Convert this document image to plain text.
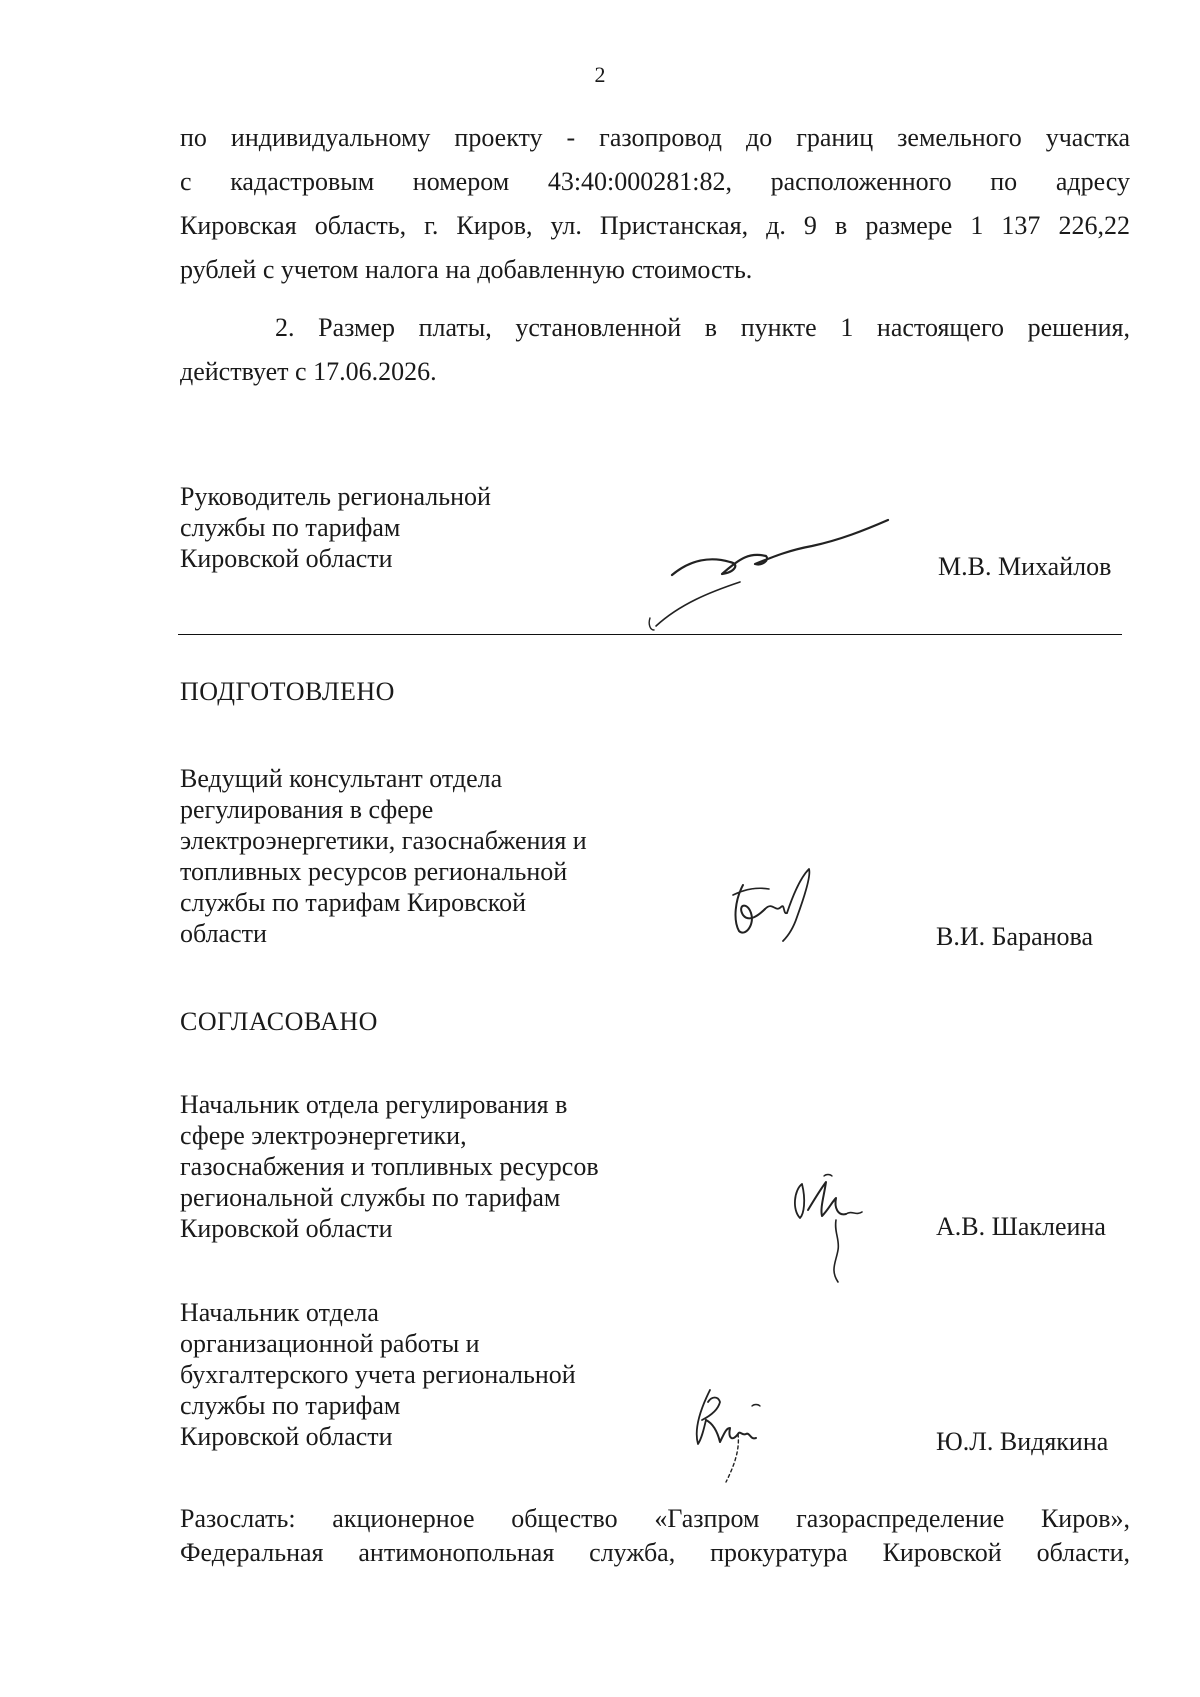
2
по индивидуальному проекту - газопровод до границ земельного участка
с кадастровым номером 43:40:000281:82, расположенного по адресу
Кировская область, г. Киров, ул. Пристанская, д. 9 в размере 1 137 226,22
рублей с учетом налога на добавленную стоимость.
2. Размер платы, установленной в пункте 1 настоящего решения,
действует с 17.06.2026.
Руководитель региональной
службы по тарифам
Кировской области	М.В. Михайлов
ПОДГОТОВЛЕНО
Ведущий консультант отдела
регулирования в сфере
электроэнергетики, газоснабжения и
топливных ресурсов региональной
службы по тарифам Кировской
области	В.И. Баранова
СОГЛАСОВАНО
Начальник отдела регулирования в
сфере электроэнергетики,
газоснабжения и топливных ресурсов
региональной службы по тарифам
Кировской области	А.В. Шаклеина
Начальник отдела
организационной работы и
бухгалтерского учета региональной
службы по тарифам
Кировской области	Ю.Л. Видякина
Разослать: акционерное общество «Газпром газораспределение Киров»,
Федеральная антимонопольная служба, прокуратура Кировской области,
